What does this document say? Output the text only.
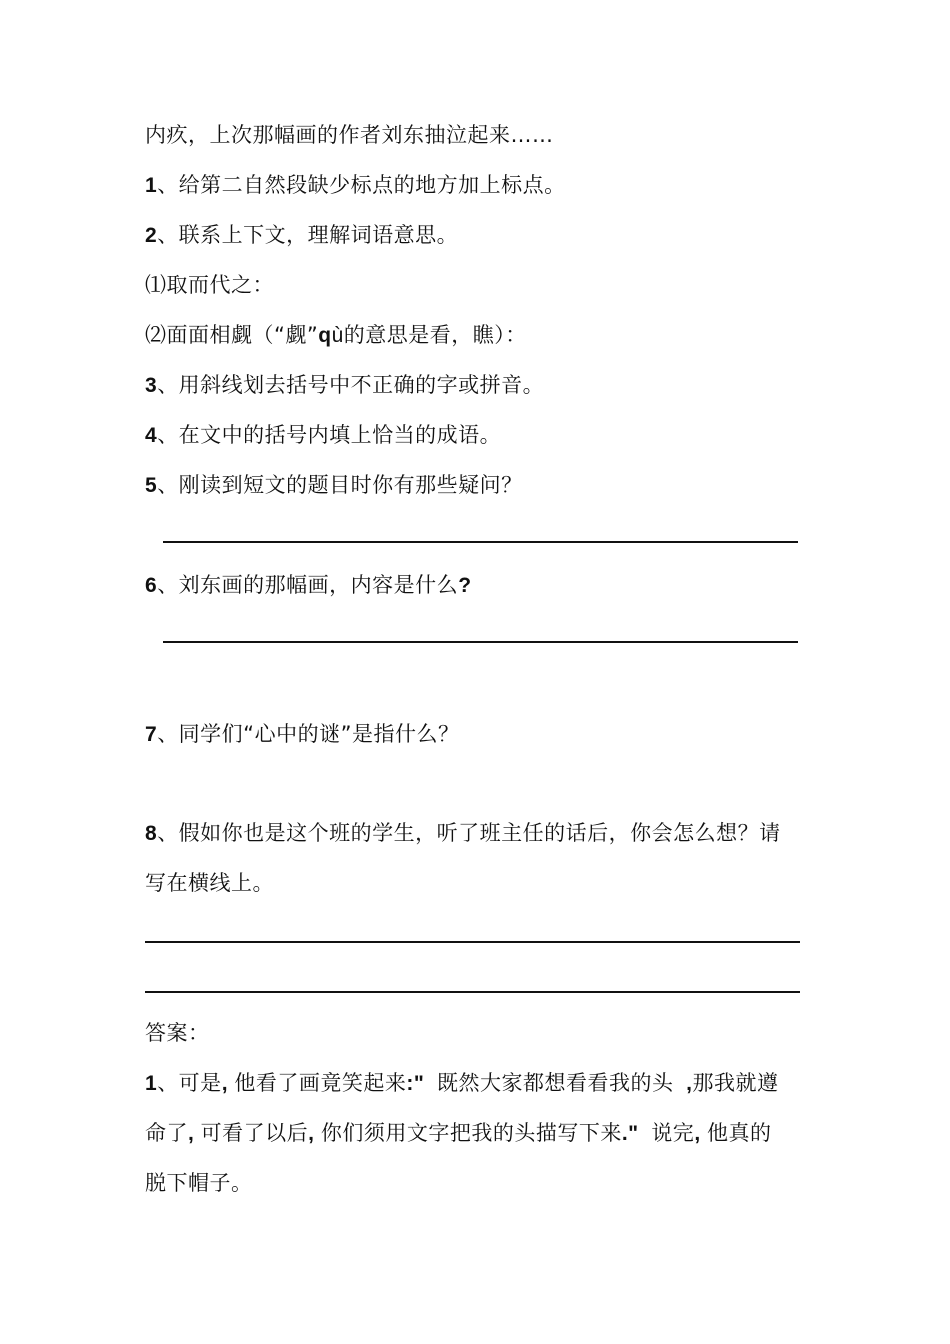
内疚，上次那幅画的作者刘东抽泣起来……
1、给第二自然段缺少标点的地方加上标点。
2、联系上下文，理解词语意思。
⑴取而代之：
⑵面面相觑（“觑”qù的意思是看，瞧）：
3、用斜线划去括号中不正确的字或拼音。
4、在文中的括号内填上恰当的成语。
5、刚读到短文的题目时你有那些疑问？
6、刘东画的那幅画，内容是什么?
7、同学们“心中的谜”是指什么？
8、假如你也是这个班的学生，听了班主任的话后，你会怎么想？请
写在横线上。
答案：
1、可是, 他看了画竟笑起来:"  既然大家都想看看我的头  ,那我就遵
命了, 可看了以后, 你们须用文字把我的头描写下来."  说完, 他真的
脱下帽子。
